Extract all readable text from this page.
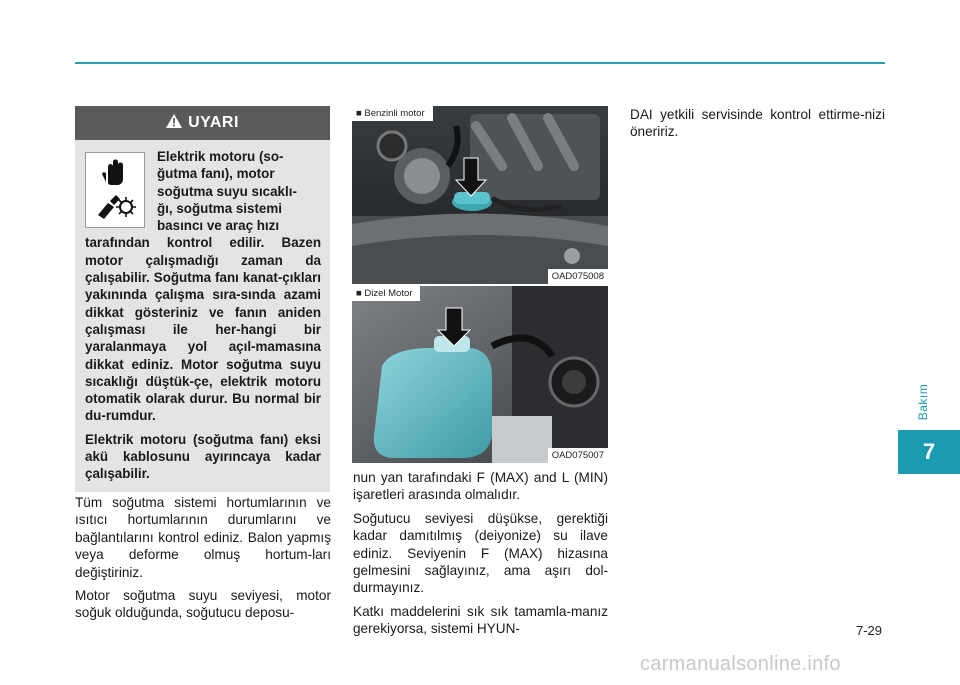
Bakım
7
UYARI

Elektrik motoru (so-
ğutma fanı), motor
soğutma suyu sıcaklı-
ğı, soğutma sistemi
basıncı ve araç hızı
tarafından kontrol edilir. Bazen motor çalışmadığı zaman da çalışabilir. Soğutma fanı kanat-çıkları yakınında çalışma sıra-sında azami dikkat gösteriniz ve fanın aniden çalışması ile her-hangi bir yaralanmaya yol açıl-mamasına dikkat ediniz. Motor soğutma suyu sıcaklığı düştük-çe, elektrik motoru otomatik olarak durur. Bu normal bir du-rumdur.

Elektrik motoru (soğutma fanı) eksi akü kablosunu ayırıncaya kadar çalışabilir.

Tüm soğutma sistemi hortumlarının ve ısıtıcı hortumlarının durumlarını ve bağlantılarını kontrol ediniz. Balon yapmış veya deforme olmuş hortum-ları değiştiriniz.

Motor soğutma suyu seviyesi, motor soğuk olduğunda, soğutucu deposu-

■ Benzinli motor
OAD075008
■ Dizel Motor
OAD075007

nun yan tarafındaki F (MAX) and L (MIN) işaretleri arasında olmalıdır.

Soğutucu seviyesi düşükse, gerektiği kadar damıtılmış (deiyonize) su ilave ediniz. Seviyenin F (MAX) hizasına gelmesini sağlayınız, ama aşırı dol-durmayınız.

Katkı maddelerini sık sık tamamla-manız gerekiyorsa, sistemi HYUN-

DAI yetkili servisinde kontrol ettirme-nizi öneririz.

7-29
carmanualsonline.info
